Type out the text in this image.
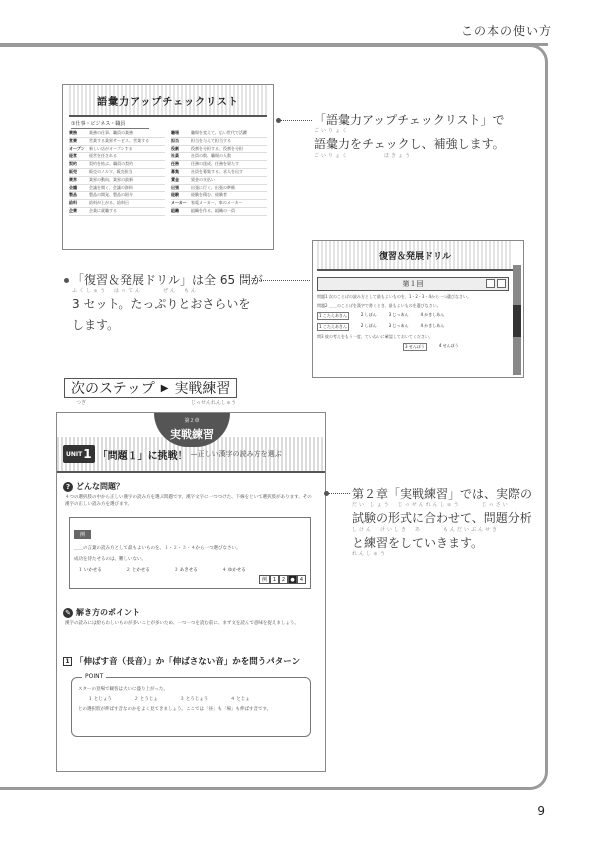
この本の使い方
語彙力アップチェックリスト
①仕事・ビジネス・職員
業務	業務の仕事、職員の業務	職場	職場を変えて、広い世代で活躍
営業	営業する業界サービス、営業する	担当	担当を与えて担当する
オープン	新しい店がオープンする	役割	役割を分担する、役割を分担
経営	経営を任される	社員	社員の数、職場の人数
契約	契約を結ぶ、職員の契約	任務	任務の達成、任務を果たす
販売	販売のノルマ、販売担当	募集	社員を募集する、求人を出す
業界	業界の動向、業界の最新	賃金	賃金の支払い
会議	会議を開く、会議の資料	出張	出張に行く、出張の準備
製品	製品の開発、製品の紹介	経験	経験を積む、経験者
給料	給料が上がる、給料日	メーカー	家電メーカー、車のメーカー
企業	企業に就職する	組織	組織を作る、組織の一員
復習＆発展ドリル
第１回
問題1 次のことばの読み方として最もよいものを、1・2・3・4から一つ選びなさい。
問題2 ＿＿のことばを漢字で書くとき、最もよいものを選びなさい。
1 こたえあきん	2 しぼん	3 じっあん	4 かきしあん
1 こたえあきん	2 しぼん	3 じっあん	4 かきしあん
問3 彼の考えをもう一度、ていねいに確認しておいてください。
3 せんぽう	4 せんぽう
次のステップ ▶ 実戦練習
つぎ	じっせんれんしゅう
UNIT 1 「問題１」に挑戦！ —正しい漢字の読み方を選ぶ
第２章
実戦練習
? どんな問題？
４つの選択肢の中から正しい漢字の読み方を選ぶ問題です。漢字文字に一つつけた、下線をといて選択肢があります。その漢字の正しい読み方を選びます。
例
＿＿の言葉の読み方として最もよいものを、１・２・３・４から一つ選びなさい。
成功を待たせるのは、難しいない。
１ いかせる	２ とかせる	３ あきせる	４ ゆかせる
例	1	2	●	4
✎ 解き方のポイント
漢字の読みには紛らわしいものが多いことが多いため、一つ一つを読む前に、まず文を読んで意味を捉えましょう。
1 「伸ばす音（長音）」か「伸ばさない音」かを問うパターン
POINT
スターの登場で観客は大いに盛り上がった。
１ とじょう	２ とうじょ	３ とうじょう	４ とじょ
との選択肢が伸ばす音なのかをよく見てきましょう。ここでは「昼」も「場」も伸ばす音です。
「語彙力アップチェックリスト」で
ごいりょく
語彙力をチェックし、補強します。
ごいりょく　　　　　ほきょう
「復習＆発展ドリル」は全 65 問が
ふくしゅう　はってん　　　ぜん　もん
3 セット。たっぷりとおさらいを
します。
第２章「実戦練習」では、実際の
だい しょう　じっせんれんしゅう　　　じっさい
試験の形式に合わせて、問題分析
しけん　けいしき　あ　　　もんだいぶんせき
と練習をしていきます。
れんしゅう
9
